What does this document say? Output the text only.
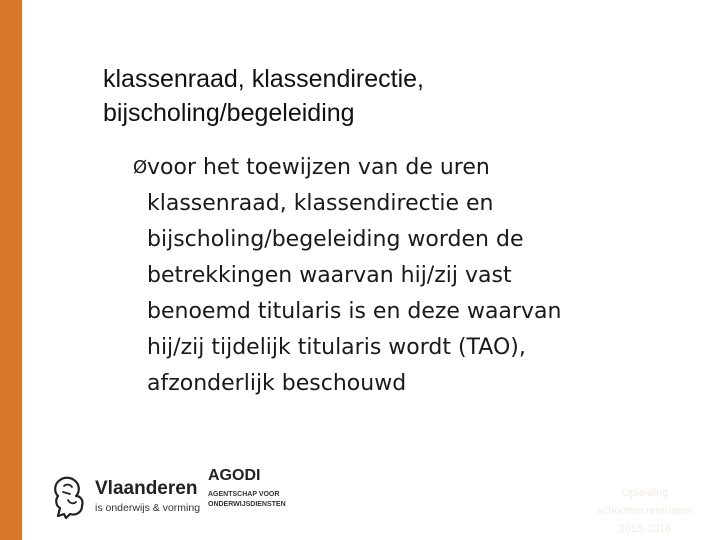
klassenraad, klassendirectie,
bijscholing/begeleiding
Ø voor het toewijzen van de uren
klassenraad, klassendirectie en
bijscholing/begeleiding worden de
betrekkingen waarvan hij/zij vast
benoemd titularis is en deze waarvan
hij/zij tijdelijk titularis wordt (TAO),
afzonderlijk beschouwd
Vlaanderen
is onderwijs & vorming
AGODI
AGENTSCHAP VOOR
ONDERWIJSDIENSTEN
Opleiding
schoolsecretariaten
2015-2016
